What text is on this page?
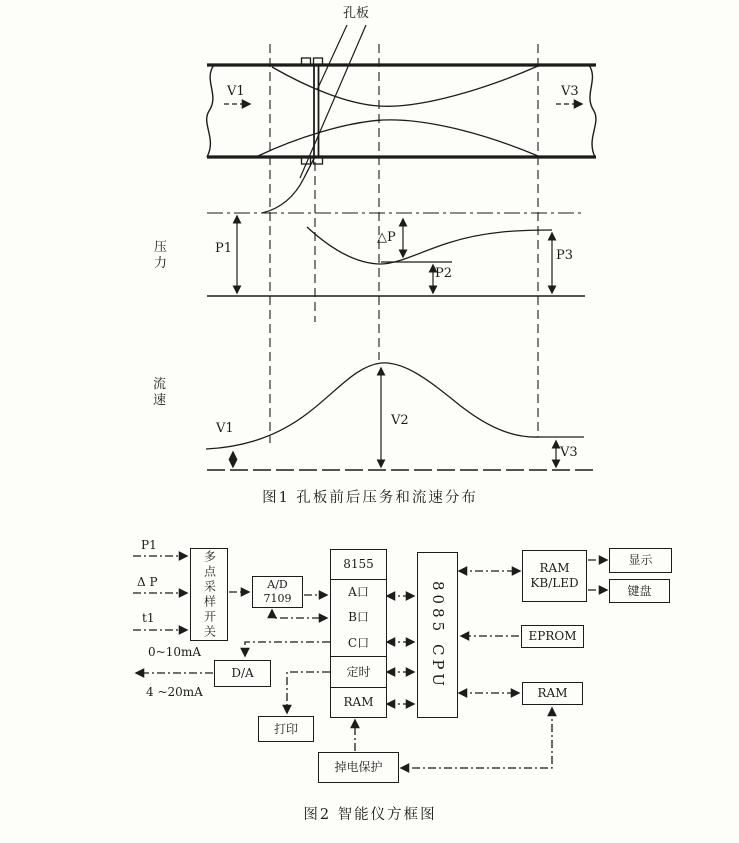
孔板
V1	V3
压力
P1
△P
P2
P3
流速
V1
V2
V3
图1 孔板前后压务和流速分布
多点采样开关	A/D
7109
8155
A口
B口
C口
定时
RAM
8085 CPU
D/A
打印
掉电保护
RAM
KB/LED
显示
键盘
EPROM
RAM
P1
Δ P
t1
0~10mA
4 ~20mA
图2 智能仪方框图
